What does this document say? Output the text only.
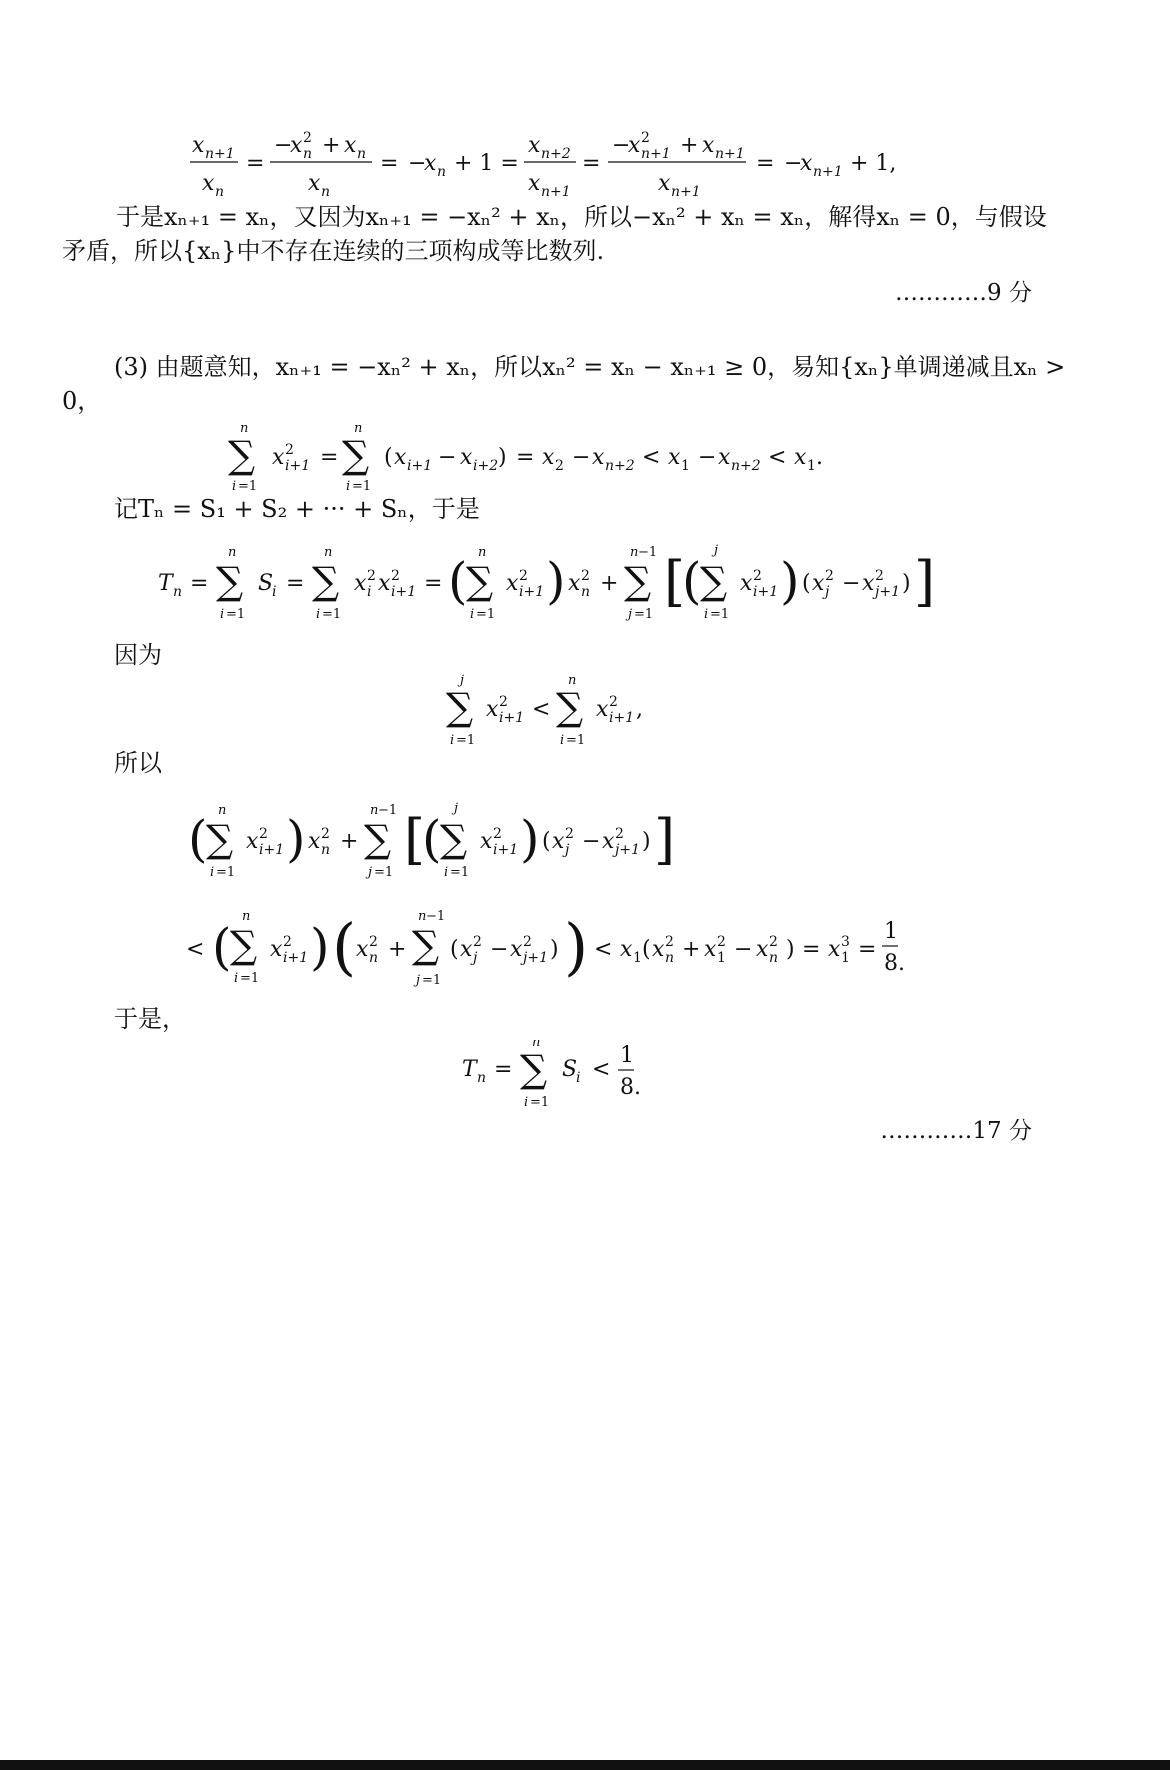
x n+1
x n
=
−
x 2
n + x n
x n
= −
x n + 1 =
x n+2
x n+1
=
−
x 2
n+1 + x n+1
x n+1
= −
x n+1 + 1,
于是xₙ₊₁ = xₙ，又因为xₙ₊₁ = −xₙ² + xₙ，所以−xₙ² + xₙ = xₙ，解得xₙ = 0，与假设
矛盾，所以{xₙ}中不存在连续的三项构成等比数列.
…………9 分
(3) 由题意知，xₙ₊₁ = −xₙ² + xₙ，所以xₙ² = xₙ − xₙ₊₁ ≥ 0，易知{xₙ}单调递减且xₙ >
0，
n
∑
i =1
x 2
i+1 =
n
∑
i =1
( x i+1 − x i+2 ) = x 2 − x n+2 < x 1 − x n+2 < x 1 .
记Tₙ = S₁ + S₂ + ··· + Sₙ，于是
T n =
n
∑
i =1
S
i =
n
∑
i =1
x 2
i x 2
i+1 = ( n
∑
i =1
x 2
i+1 ) x 2
n +
n −1
∑
j =1
[
(
j
∑
i =1
x 2
i+1 ) ( x 2
j − x 2
j+1 ) ]
因为
j
∑
i =1
x 2
i+1 <
n
∑
i =1
x 2
i+1 ,
所以
( n
∑
i =1
x 2
i+1 ) x 2
n +
n −1
∑
j =1
[
(
j
∑
i =1
x 2
i+1 ) ( x 2
j − x 2
j+1 ) ]
< (
n
∑
i =1
x 2
i+1 ) ( x 2
n +
n −1
∑
j =1
( x 2
j − x 2
j+1 ) ) < x 1 ( x 2
n + x 2
1 − x 2
n ) = x 3
1 =
1
8 .
于是，
T n =
n
∑
i =1
S
i <
1
8 .
…………17 分
